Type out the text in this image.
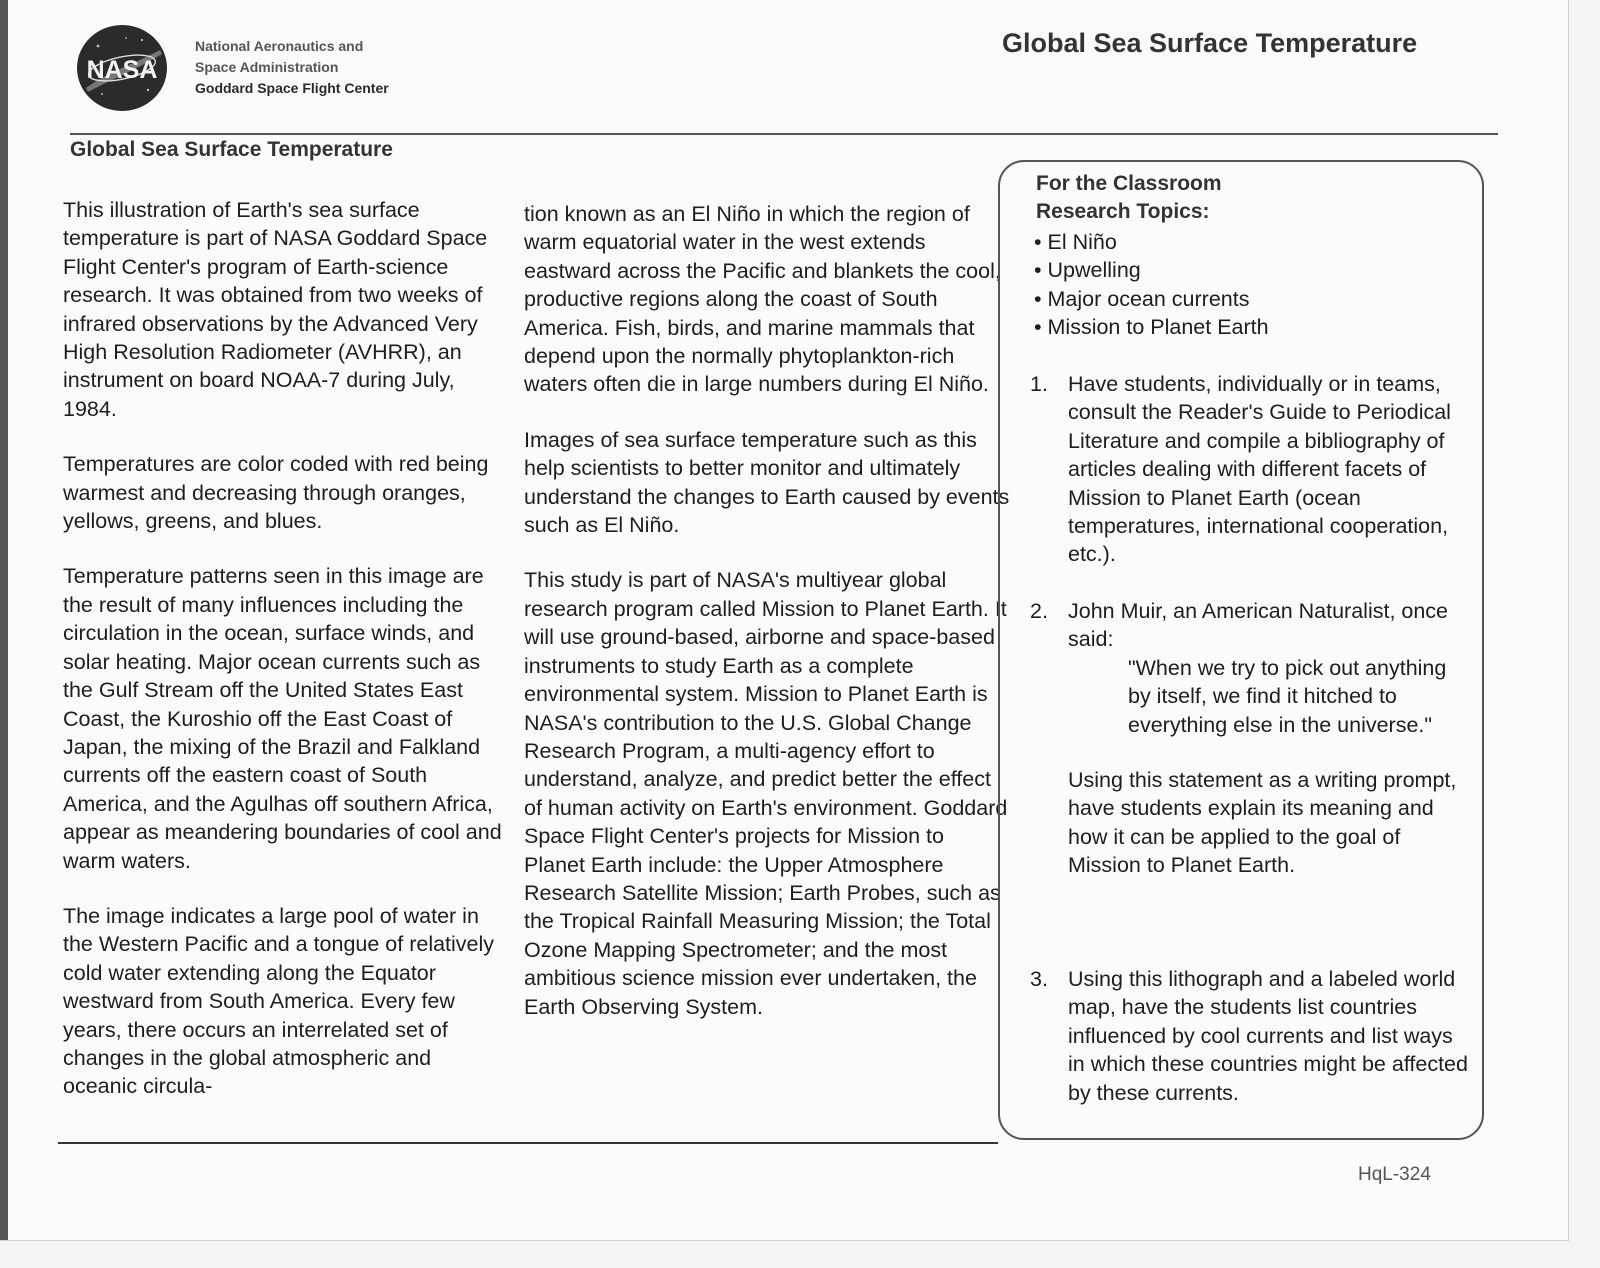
NASA
National Aeronautics and
Space Administration
Goddard Space Flight Center
Global Sea Surface Temperature
Global Sea Surface Temperature

This illustration of Earth's sea surface temperature is part of NASA Goddard Space Flight Center's program of Earth-science research. It was obtained from two weeks of infrared observations by the Advanced Very High Resolution Radiometer (AVHRR), an instrument on board NOAA-7 during July, 1984.

Temperatures are color coded with red being warmest and decreasing through oranges, yellows, greens, and blues.

Temperature patterns seen in this image are the result of many influences including the circulation in the ocean, surface winds, and solar heating. Major ocean currents such as the Gulf Stream off the United States East Coast, the Kuroshio off the East Coast of Japan, the mixing of the Brazil and Falkland currents off the eastern coast of South America, and the Agulhas off southern Africa, appear as meandering boundaries of cool and warm waters.

The image indicates a large pool of water in the Western Pacific and a tongue of relatively cold water extending along the Equator westward from South America. Every few years, there occurs an interrelated set of changes in the global atmospheric and oceanic circula-

tion known as an El Niño in which the region of warm equatorial water in the west extends eastward across the Pacific and blankets the cool, productive regions along the coast of South America. Fish, birds, and marine mammals that depend upon the normally phytoplankton-rich waters often die in large numbers during El Niño.

Images of sea surface temperature such as this help scientists to better monitor and ultimately understand the changes to Earth caused by events such as El Niño.

This study is part of NASA's multiyear global research program called Mission to Planet Earth. It will use ground-based, airborne and space-based instruments to study Earth as a complete environmental system. Mission to Planet Earth is NASA's contribution to the U.S. Global Change Research Program, a multi-agency effort to understand, analyze, and predict better the effect of human activity on Earth's environment. Goddard Space Flight Center's projects for Mission to Planet Earth include: the Upper Atmosphere Research Satellite Mission; Earth Probes, such as the Tropical Rainfall Measuring Mission; the Total Ozone Mapping Spectrometer; and the most ambitious science mission ever undertaken, the Earth Observing System.

For the Classroom
Research Topics:
• El Niño
• Upwelling
• Major ocean currents
• Mission to Planet Earth
1. Have students, individually or in teams, consult the Reader's Guide to Periodical Literature and compile a bibliography of articles dealing with different facets of Mission to Planet Earth (ocean temperatures, international cooperation, etc.).
2. John Muir, an American Naturalist, once said:
"When we try to pick out anything by itself, we find it hitched to everything else in the universe."
Using this statement as a writing prompt, have students explain its meaning and how it can be applied to the goal of Mission to Planet Earth.
3. Using this lithograph and a labeled world map, have the students list countries influenced by cool currents and list ways in which these countries might be affected by these currents.
HqL-324
